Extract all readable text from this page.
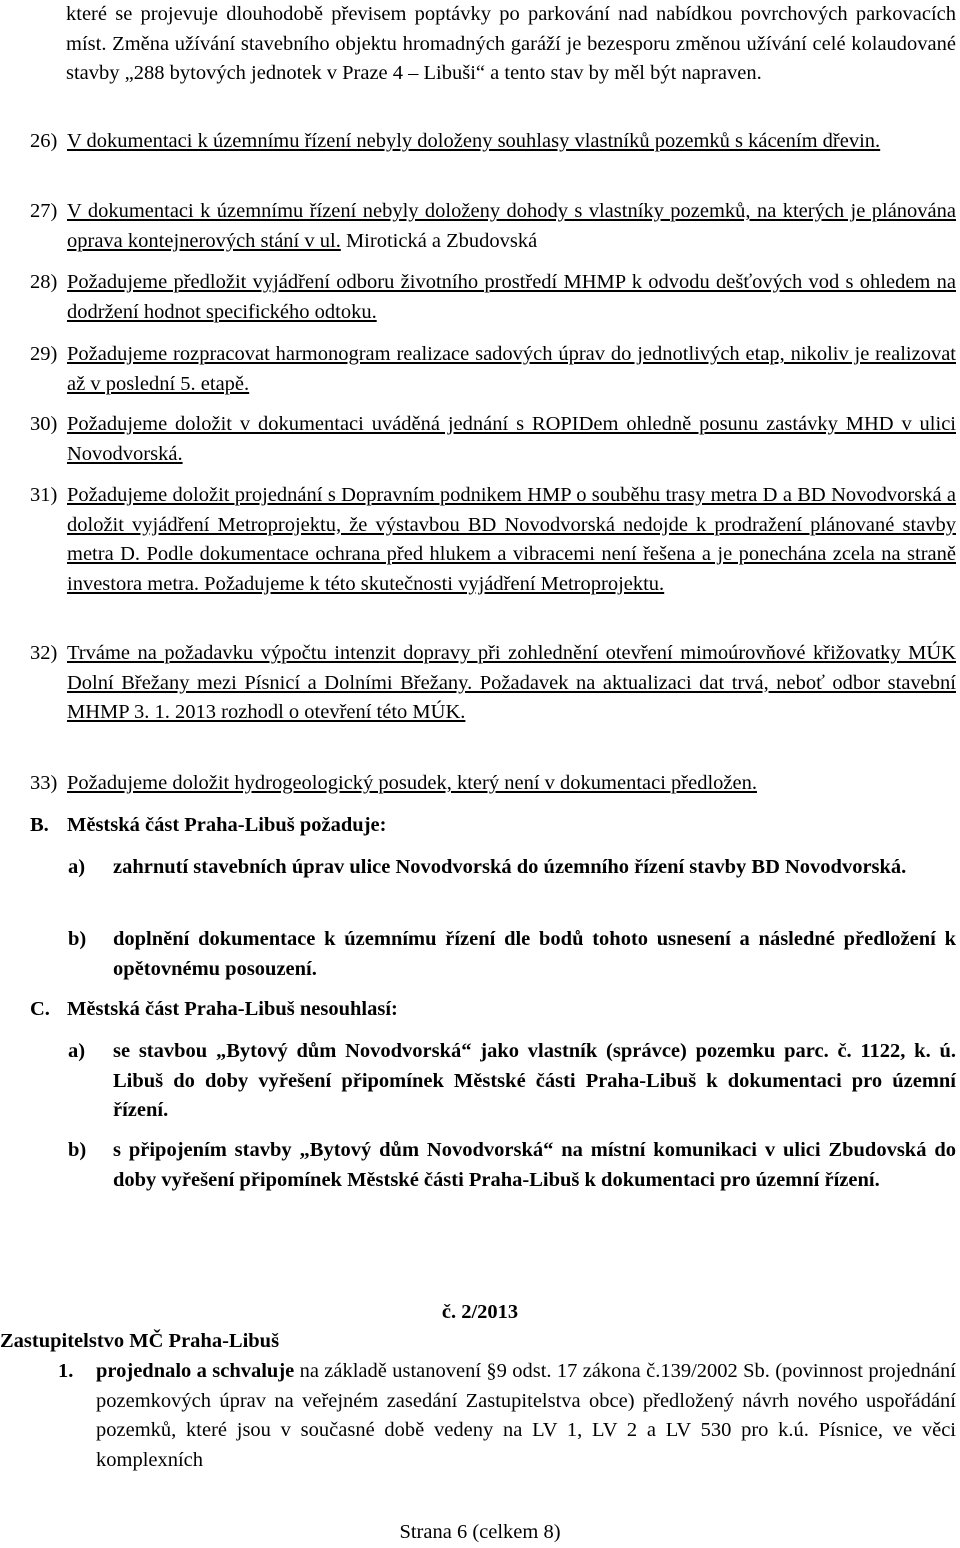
které se projevuje dlouhodobě převisem poptávky po parkování nad nabídkou povrchových parkovacích míst. Změna užívání stavebního objektu hromadných garáží je bezesporu změnou užívání celé kolaudované stavby „288 bytových jednotek v Praze 4 – Libuši“ a tento stav by měl být napraven.
26) V dokumentaci k územnímu řízení nebyly doloženy souhlasy vlastníků pozemků s kácením dřevin.
27) V dokumentaci k územnímu řízení nebyly doloženy dohody s vlastníky pozemků, na kterých je plánována oprava kontejnerových stání v ul. Mirotická a Zbudovská
28) Požadujeme předložit vyjádření odboru životního prostředí MHMP k odvodu dešťových vod s ohledem na dodržení hodnot specifického odtoku.
29) Požadujeme rozpracovat harmonogram realizace sadových úprav do jednotlivých etap, nikoliv je realizovat až v poslední 5. etapě.
30) Požadujeme doložit v dokumentaci uváděná jednání s ROPIDem ohledně posunu zastávky MHD v ulici Novodvorská.
31) Požadujeme doložit projednání s Dopravním podnikem HMP o souběhu trasy metra D a BD Novodvorská a doložit vyjádření Metroprojektu, že výstavbou BD Novodvorská nedojde k prodražení plánované stavby metra D. Podle dokumentace ochrana před hlukem a vibracemi není řešena a je ponechána zcela na straně investora metra. Požadujeme k této skutečnosti vyjádření Metroprojektu.
32) Trváme na požadavku výpočtu intenzit dopravy při zohlednění otevření mimoúrovňové křižovatky MÚK Dolní Břežany mezi Písnicí a Dolními Břežany. Požadavek na aktualizaci dat trvá, neboť odbor stavební MHMP 3. 1. 2013 rozhodl o otevření této MÚK.
33) Požadujeme doložit hydrogeologický posudek, který není v dokumentaci předložen.
B. Městská část Praha-Libuš požaduje:
a)	zahrnutí stavebních úprav ulice Novodvorská do územního řízení stavby BD Novodvorská.
b)	doplnění dokumentace k územnímu řízení dle bodů tohoto usnesení a následné předložení k opětovnému posouzení.
C. Městská část Praha-Libuš nesouhlasí:
a)	se stavbou „Bytový dům Novodvorská“ jako vlastník (správce) pozemku parc. č. 1122, k. ú. Libuš do doby vyřešení připomínek Městské části Praha-Libuš k dokumentaci pro územní řízení.
b)	s připojením stavby „Bytový dům Novodvorská“ na místní komunikaci v ulici Zbudovská do doby vyřešení připomínek Městské části Praha-Libuš k dokumentaci pro územní řízení.
č. 2/2013
Zastupitelstvo MČ Praha-Libuš
1. projednalo a schvaluje na základě ustanovení §9 odst. 17 zákona č.139/2002 Sb. (povinnost projednání pozemkových úprav na veřejném zasedání Zastupitelstva obce) předložený návrh nového uspořádání pozemků, které jsou v současné době vedeny na LV 1, LV 2 a LV 530 pro k.ú. Písnice, ve věci komplexních
Strana 6 (celkem 8)
